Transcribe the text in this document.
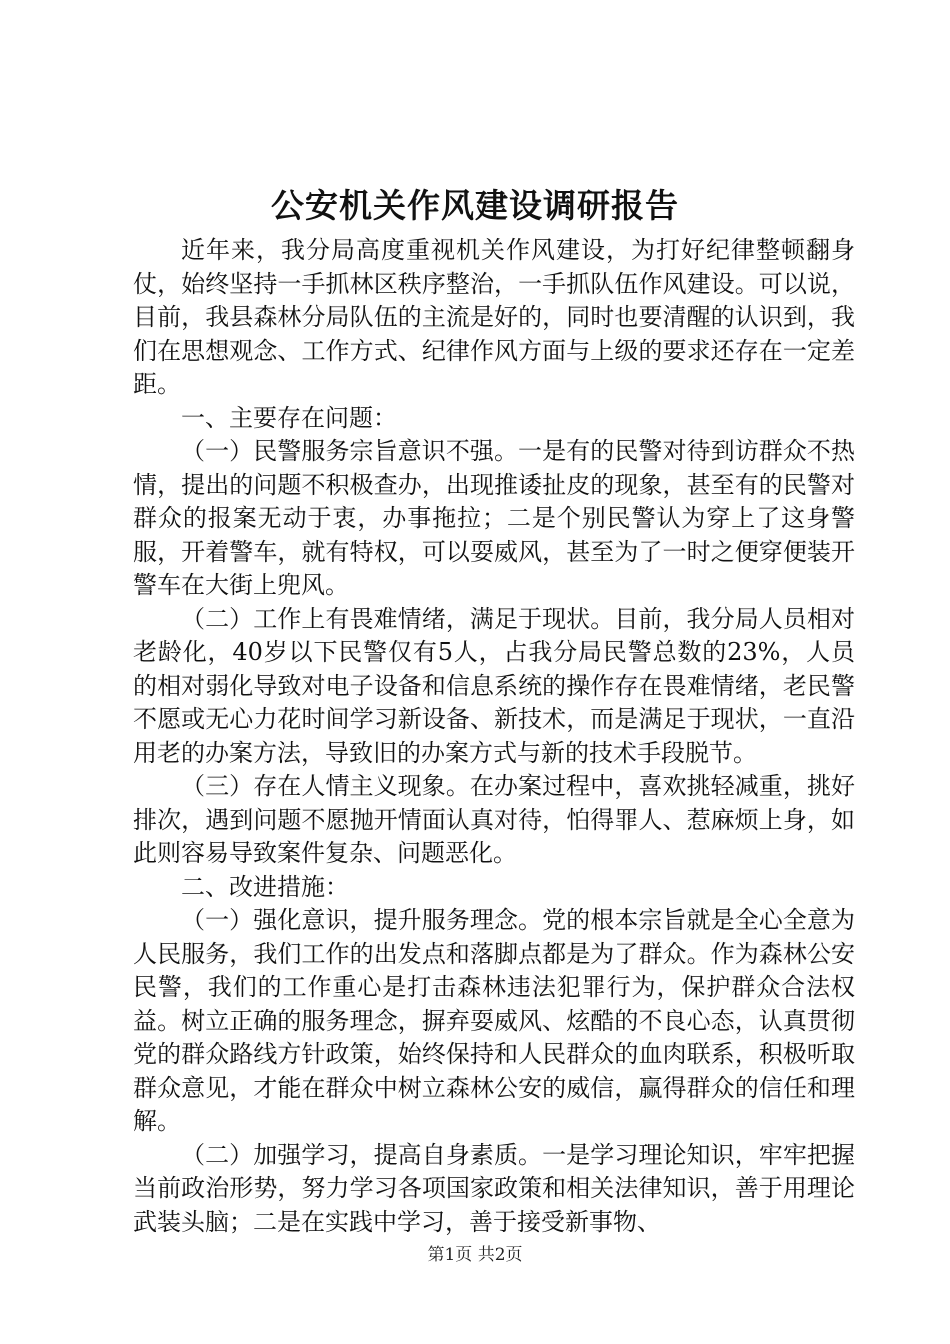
公安机关作风建设调研报告

近年来，我分局高度重视机关作风建设，为打好纪律整顿翻身仗，始终坚持一手抓林区秩序整治，一手抓队伍作风建设。可以说，目前，我县森林分局队伍的主流是好的，同时也要清醒的认识到，我们在思想观念、工作方式、纪律作风方面与上级的要求还存在一定差距。

一、主要存在问题：

（一）民警服务宗旨意识不强。一是有的民警对待到访群众不热情，提出的问题不积极查办，出现推诿扯皮的现象，甚至有的民警对群众的报案无动于衷，办事拖拉；二是个别民警认为穿上了这身警服，开着警车，就有特权，可以耍威风，甚至为了一时之便穿便装开警车在大街上兜风。

（二）工作上有畏难情绪，满足于现状。目前，我分局人员相对老龄化，40岁以下民警仅有5人，占我分局民警总数的23%，人员的相对弱化导致对电子设备和信息系统的操作存在畏难情绪，老民警不愿或无心力花时间学习新设备、新技术，而是满足于现状，一直沿用老的办案方法，导致旧的办案方式与新的技术手段脱节。

（三）存在人情主义现象。在办案过程中，喜欢挑轻减重，挑好排次，遇到问题不愿抛开情面认真对待，怕得罪人、惹麻烦上身，如此则容易导致案件复杂、问题恶化。

二、改进措施：

（一）强化意识，提升服务理念。党的根本宗旨就是全心全意为人民服务，我们工作的出发点和落脚点都是为了群众。作为森林公安民警，我们的工作重心是打击森林违法犯罪行为，保护群众合法权益。树立正确的服务理念，摒弃耍威风、炫酷的不良心态，认真贯彻党的群众路线方针政策，始终保持和人民群众的血肉联系，积极听取群众意见，才能在群众中树立森林公安的威信，赢得群众的信任和理解。

（二）加强学习，提高自身素质。一是学习理论知识，牢牢把握当前政治形势，努力学习各项国家政策和相关法律知识，善于用理论武装头脑；二是在实践中学习，善于接受新事物、

第1页 共2页
